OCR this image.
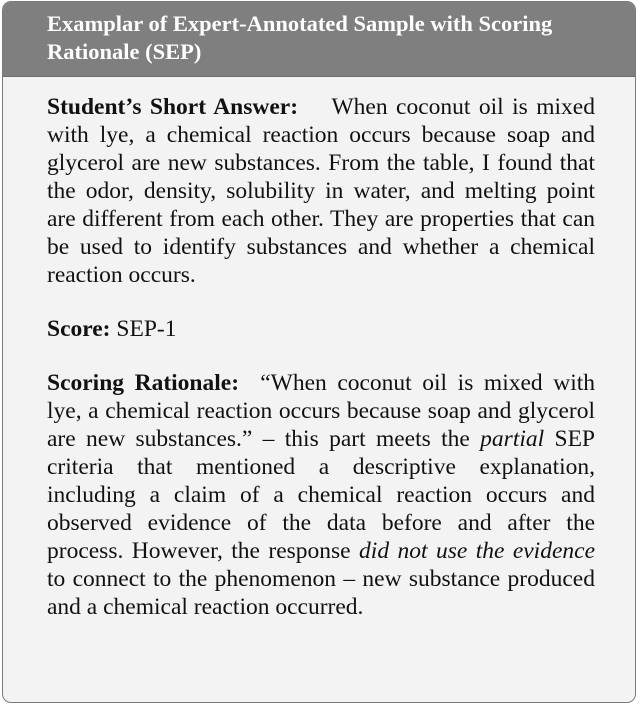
Examplar of Expert-Annotated Sample with Scoring Rationale (SEP)

Student’s Short Answer: When coconut oil is mixed with lye, a chemical reaction occurs because soap and glycerol are new substances. From the table, I found that the odor, density, solubility in water, and melting point are different from each other. They are properties that can be used to identify substances and whether a chemical reaction occurs.

Score: SEP-1

Scoring Rationale: “When coconut oil is mixed with lye, a chemical reaction occurs because soap and glycerol are new substances.” – this part meets the partial SEP criteria that mentioned a descriptive explanation, including a claim of a chemical reaction occurs and observed evidence of the data before and after the process. However, the response did not use the evidence to connect to the phenomenon – new substance produced and a chemical reaction occurred.
